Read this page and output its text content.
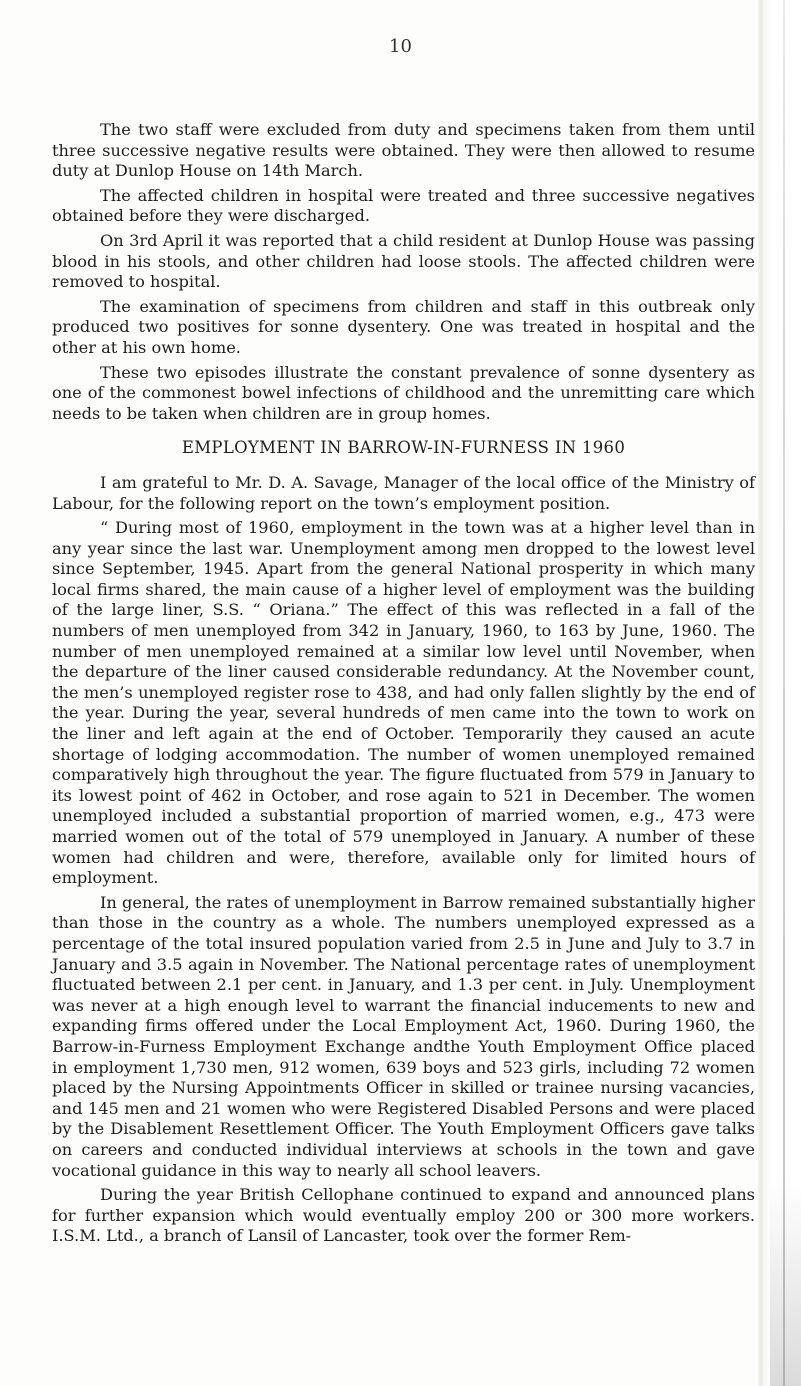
10

The two staff were excluded from duty and specimens taken from them until three successive negative results were obtained. They were then allowed to resume duty at Dunlop House on 14th March.

The affected children in hospital were treated and three successive negatives obtained before they were discharged.

On 3rd April it was reported that a child resident at Dunlop House was passing blood in his stools, and other children had loose stools. The affected children were removed to hospital.

The examination of specimens from children and staff in this outbreak only produced two positives for sonne dysentery. One was treated in hospital and the other at his own home.

These two episodes illustrate the constant prevalence of sonne dysentery as one of the commonest bowel infections of childhood and the unremitting care which needs to be taken when children are in group homes.

EMPLOYMENT IN BARROW-IN-FURNESS IN 1960

I am grateful to Mr. D. A. Savage, Manager of the local office of the Ministry of Labour, for the following report on the town’s employment position.

“ During most of 1960, employment in the town was at a higher level than in any year since the last war. Unemployment among men dropped to the lowest level since September, 1945. Apart from the general National prosperity in which many local firms shared, the main cause of a higher level of employment was the building of the large liner, S.S. “ Oriana.” The effect of this was reflected in a fall of the numbers of men unemployed from 342 in January, 1960, to 163 by June, 1960. The number of men unemployed remained at a similar low level until November, when the departure of the liner caused considerable redundancy. At the November count, the men’s unemployed register rose to 438, and had only fallen slightly by the end of the year. During the year, several hundreds of men came into the town to work on the liner and left again at the end of October. Temporarily they caused an acute shortage of lodging accommodation. The number of women unemployed remained comparatively high throughout the year. The figure fluctuated from 579 in January to its lowest point of 462 in October, and rose again to 521 in December. The women unemployed included a substantial proportion of married women, e.g., 473 were married women out of the total of 579 unemployed in January. A number of these women had children and were, therefore, available only for limited hours of employment.

In general, the rates of unemployment in Barrow remained substantially higher than those in the country as a whole. The numbers unemployed expressed as a percentage of the total insured population varied from 2.5 in June and July to 3.7 in January and 3.5 again in November. The National percentage rates of unemployment fluctuated between 2.1 per cent. in January, and 1.3 per cent. in July. Unemployment was never at a high enough level to warrant the financial inducements to new and expanding firms offered under the Local Employment Act, 1960. During 1960, the Barrow-in-Furness Employment Exchange andthe Youth Employment Office placed in employment 1,730 men, 912 women, 639 boys and 523 girls, including 72 women placed by the Nursing Appointments Officer in skilled or trainee nursing vacancies, and 145 men and 21 women who were Registered Disabled Persons and were placed by the Disablement Resettlement Officer. The Youth Employment Officers gave talks on careers and conducted individual interviews at schools in the town and gave vocational guidance in this way to nearly all school leavers.

During the year British Cellophane continued to expand and announced plans for further expansion which would eventually employ 200 or 300 more workers. I.S.M. Ltd., a branch of Lansil of Lancaster, took over the former Rem-
